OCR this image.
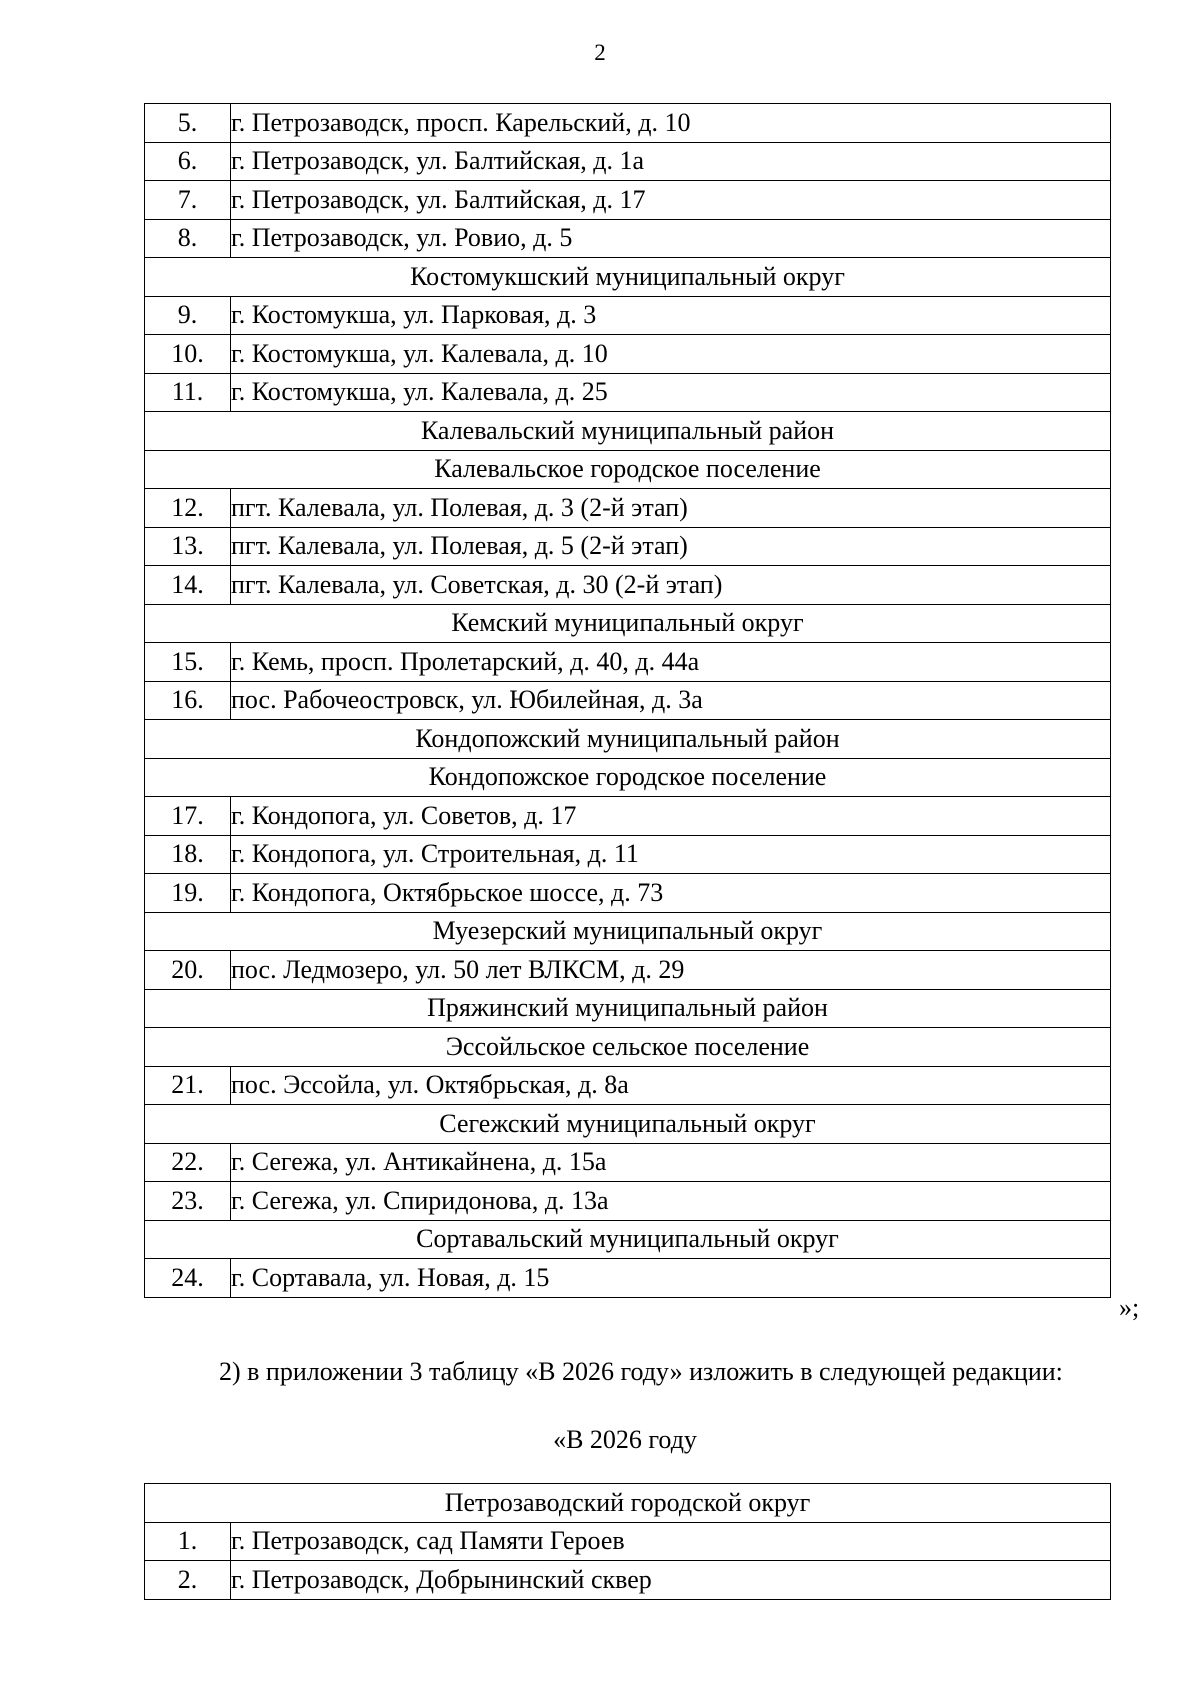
2
5.	г. Петрозаводск, просп. Карельский, д. 10
6.	г. Петрозаводск, ул. Балтийская, д. 1а
7.	г. Петрозаводск, ул. Балтийская, д. 17
8.	г. Петрозаводск, ул. Ровио, д. 5
Костомукшский муниципальный округ	
9.	г. Костомукша, ул. Парковая, д. 3
10.	г. Костомукша, ул. Калевала, д. 10
11.	г. Костомукша, ул. Калевала, д. 25
Калевальский муниципальный район	
Калевальское городское поселение	
12.	пгт. Калевала, ул. Полевая, д. 3 (2-й этап)
13.	пгт. Калевала, ул. Полевая, д. 5 (2-й этап)
14.	пгт. Калевала, ул. Советская, д. 30 (2-й этап)
Кемский муниципальный округ	
15.	г. Кемь, просп. Пролетарский, д. 40, д. 44а
16.	пос. Рабочеостровск, ул. Юбилейная, д. 3а
Кондопожский муниципальный район	
Кондопожское городское поселение	
17.	г. Кондопога, ул. Советов, д. 17
18.	г. Кондопога, ул. Строительная, д. 11
19.	г. Кондопога, Октябрьское шоссе, д. 73
Муезерский муниципальный округ	
20.	пос. Ледмозеро, ул. 50 лет ВЛКСМ, д. 29
Пряжинский муниципальный район	
Эссойльское сельское поселение	
21.	пос. Эссойла, ул. Октябрьская, д. 8а
Сегежский муниципальный округ	
22.	г. Сегежа, ул. Антикайнена, д. 15а
23.	г. Сегежа, ул. Спиридонова, д. 13а
Сортавальский муниципальный округ	
24.	г. Сортавала, ул. Новая, д. 15
»;
2) в приложении 3 таблицу «В 2026 году» изложить в следующей редакции:
«В 2026 году
Петрозаводский городской округ	
1.	г. Петрозаводск, сад Памяти Героев
2.	г. Петрозаводск, Добрынинский сквер
